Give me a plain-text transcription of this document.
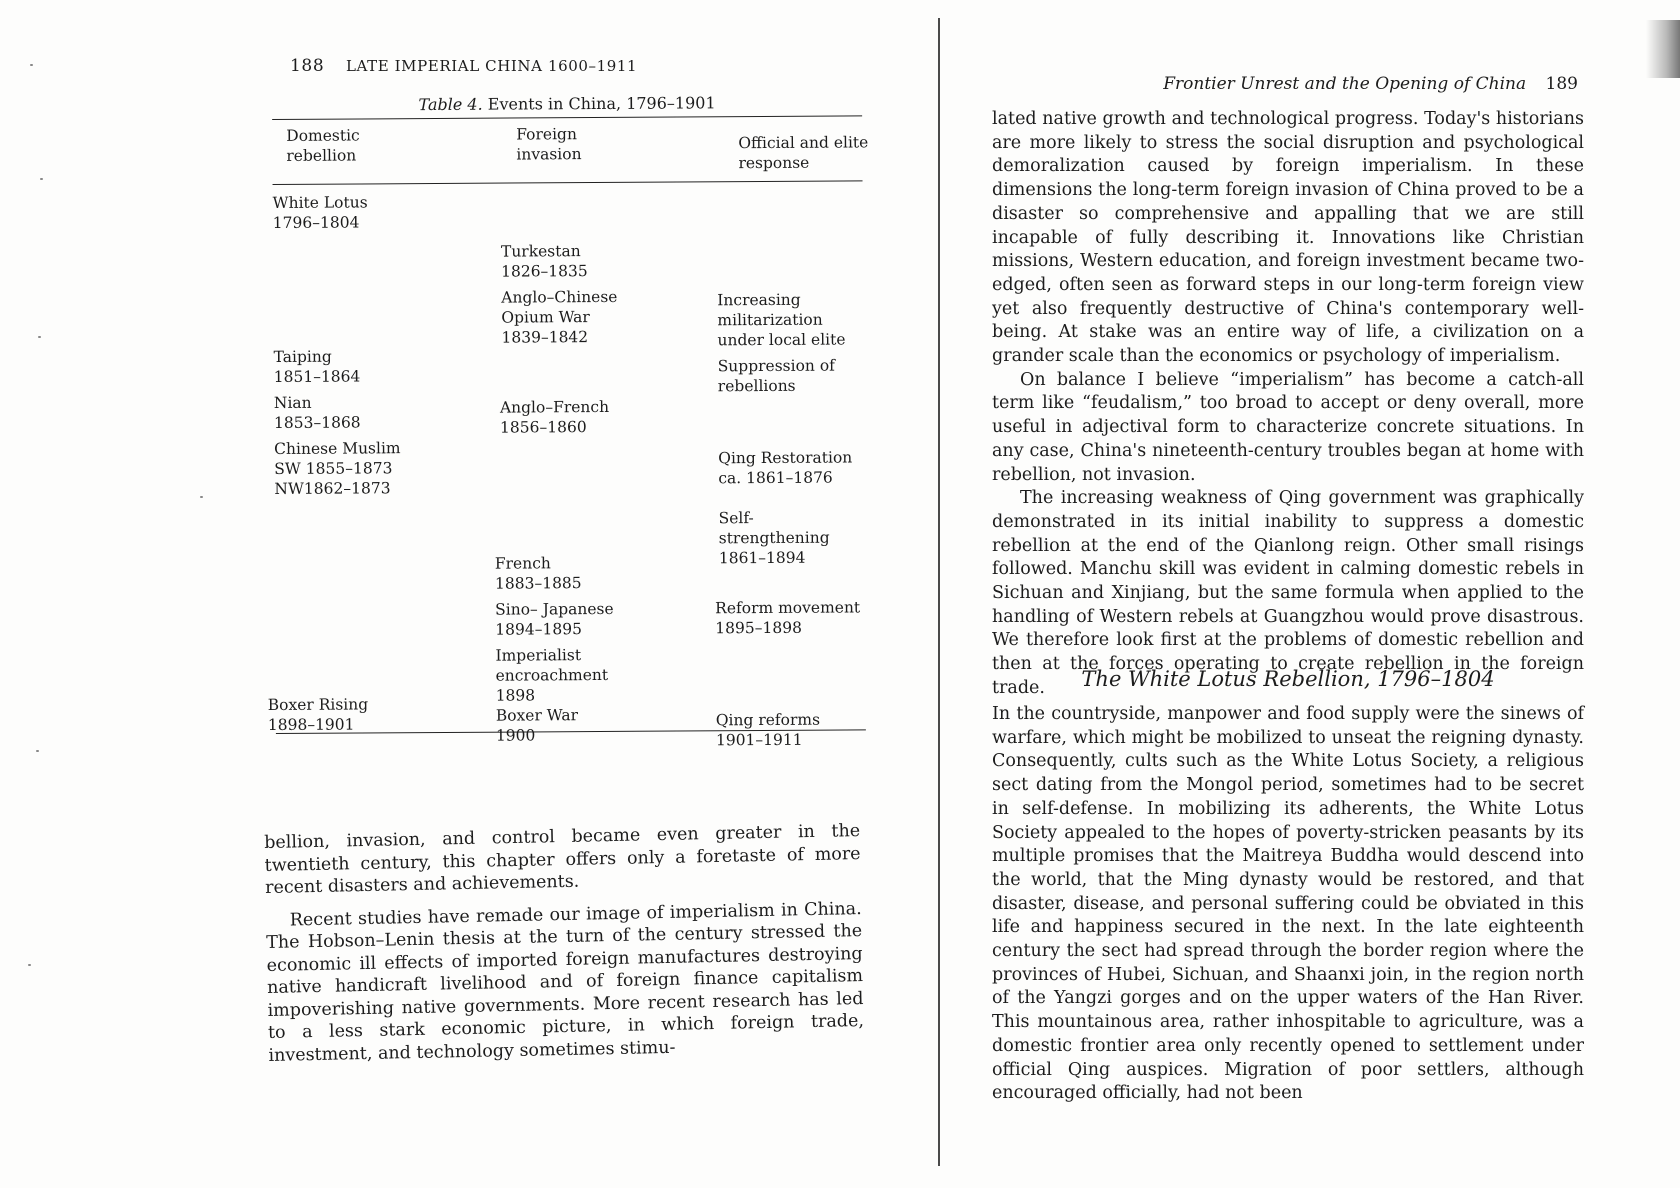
188 LATE IMPERIAL CHINA 1600–1911
Table 4. Events in China, 1796–1901
Domestic
rebellion
Foreign
invasion
Official and elite
response
White Lotus
1796–1804
Taiping
1851–1864
Nian
1853–1868
Chinese Muslim
SW 1855–1873
NW1862–1873
Boxer Rising
1898–1901
Turkestan
1826–1835
Anglo–Chinese
Opium War
1839–1842
Anglo–French
1856–1860
French
1883–1885
Sino– Japanese
1894–1895
Imperialist
encroachment
1898
Boxer War
1900
Increasing
militarization
under local elite
Suppression of
rebellions
Qing Restoration
ca. 1861–1876
Self-strengthening
1861–1894
Reform movement
1895–1898
Qing reforms
1901–1911

bellion, invasion, and control became even greater in the twentieth century, this chapter offers only a foretaste of more recent disasters and achievements.

Recent studies have remade our image of imperialism in China. The Hobson–Lenin thesis at the turn of the century stressed the economic ill effects of imported foreign manufactures destroying native handicraft livelihood and of foreign finance capitalism impoverishing native governments. More recent research has led to a less stark economic picture, in which foreign trade, investment, and technology sometimes stimu-

Frontier Unrest and the Opening of China 189

lated native growth and technological progress. Today's historians are more likely to stress the social disruption and psychological demoralization caused by foreign imperialism. In these dimensions the long-term foreign invasion of China proved to be a disaster so comprehensive and appalling that we are still incapable of fully describing it. Innovations like Christian missions, Western education, and foreign investment became two-edged, often seen as forward steps in our long-term foreign view yet also frequently destructive of China's contemporary well-being. At stake was an entire way of life, a civilization on a grander scale than the economics or psychology of imperialism.

On balance I believe “imperialism” has become a catch-all term like “feudalism,” too broad to accept or deny overall, more useful in adjectival form to characterize concrete situations. In any case, China's nineteenth-century troubles began at home with rebellion, not invasion.

The increasing weakness of Qing government was graphically demonstrated in its initial inability to suppress a domestic rebellion at the end of the Qianlong reign. Other small risings followed. Manchu skill was evident in calming domestic rebels in Sichuan and Xinjiang, but the same formula when applied to the handling of Western rebels at Guangzhou would prove disastrous. We therefore look first at the problems of domestic rebellion and then at the forces operating to create rebellion in the foreign trade.	The White Lotus Rebellion, 1796–1804

In the countryside, manpower and food supply were the sinews of warfare, which might be mobilized to unseat the reigning dynasty. Consequently, cults such as the White Lotus Society, a religious sect dating from the Mongol period, sometimes had to be secret in self-defense. In mobilizing its adherents, the White Lotus Society appealed to the hopes of poverty-stricken peasants by its multiple promises that the Maitreya Buddha would descend into the world, that the Ming dynasty would be restored, and that disaster, disease, and personal suffering could be obviated in this life and happiness secured in the next. In the late eighteenth century the sect had spread through the border region where the provinces of Hubei, Sichuan, and Shaanxi join, in the region north of the Yangzi gorges and on the upper waters of the Han River. This mountainous area, rather inhospitable to agriculture, was a domestic frontier area only recently opened to settlement under official Qing auspices. Migration of poor settlers, although encouraged officially, had not been
